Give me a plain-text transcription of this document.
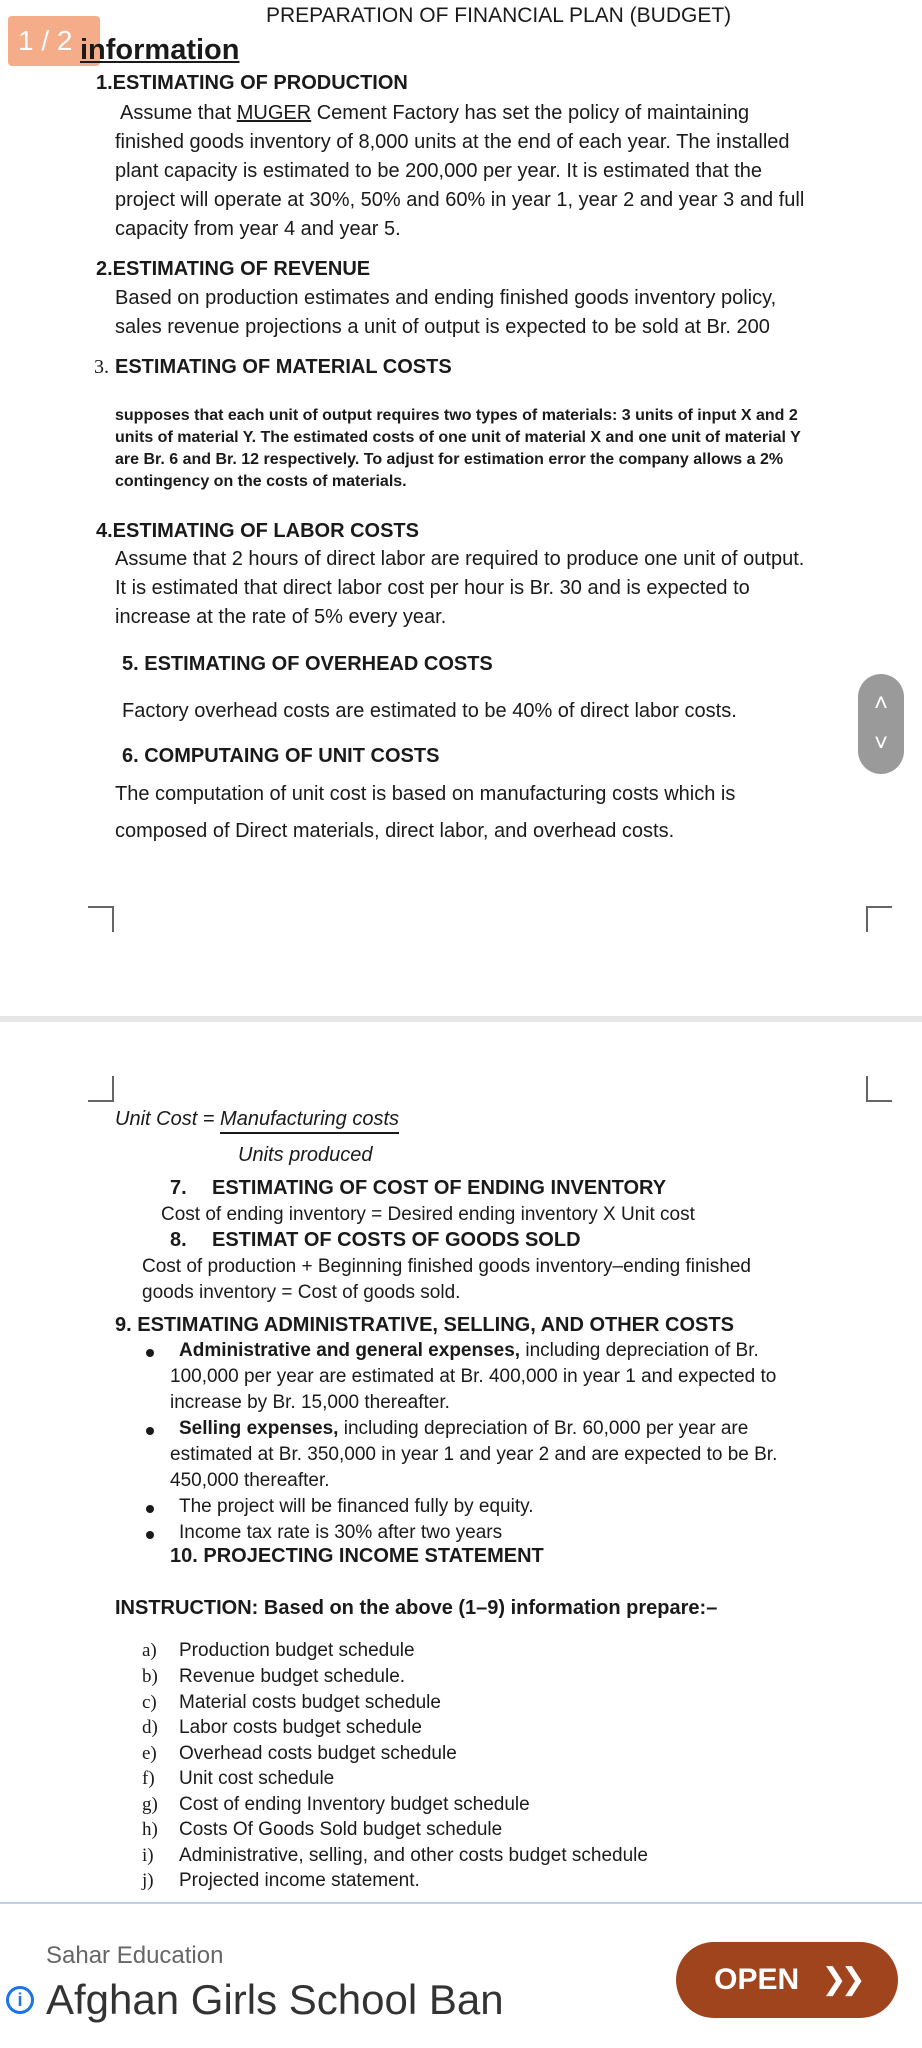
PREPARATION OF FINANCIAL PLAN (BUDGET)
1 / 2 information
1.ESTIMATING OF PRODUCTION
Assume that MUGER Cement Factory has set the policy of maintaining
finished goods inventory of 8,000 units at the end of each year. The installed
plant capacity is estimated to be 200,000 per year. It is estimated that the
project will operate at 30%, 50% and 60% in year 1, year 2 and year 3 and full
capacity from year 4 and year 5.
2.ESTIMATING OF REVENUE
Based on production estimates and ending finished goods inventory policy,
sales revenue projections a unit of output is expected to be sold at Br. 200
3. ESTIMATING OF MATERIAL COSTS
supposes that each unit of output requires two types of materials: 3 units of input X and 2
units of material Y. The estimated costs of one unit of material X and one unit of material Y
are Br. 6 and Br. 12 respectively. To adjust for estimation error the company allows a 2%
contingency on the costs of materials.
4.ESTIMATING OF LABOR COSTS
Assume that 2 hours of direct labor are required to produce one unit of output.
It is estimated that direct labor cost per hour is Br. 30 and is expected to
increase at the rate of 5% every year.
5. ESTIMATING OF OVERHEAD COSTS
Factory overhead costs are estimated to be 40% of direct labor costs.
6. COMPUTAING OF UNIT COSTS
The computation of unit cost is based on manufacturing costs which is
composed of Direct materials, direct labor, and overhead costs.
˄
˅
Unit Cost = Manufacturing costs
Units produced
7. ESTIMATING OF COST OF ENDING INVENTORY
Cost of ending inventory = Desired ending inventory X Unit cost
8. ESTIMAT OF COSTS OF GOODS SOLD
Cost of production + Beginning finished goods inventory–ending finished
goods inventory = Cost of goods sold.
9. ESTIMATING ADMINISTRATIVE, SELLING, AND OTHER COSTS
Administrative and general expenses, including depreciation of Br.
100,000 per year are estimated at Br. 400,000 in year 1 and expected to
increase by Br. 15,000 thereafter.
Selling expenses, including depreciation of Br. 60,000 per year are
estimated at Br. 350,000 in year 1 and year 2 and are expected to be Br.
450,000 thereafter.
The project will be financed fully by equity.
Income tax rate is 30% after two years
10. PROJECTING INCOME STATEMENT
INSTRUCTION: Based on the above (1–9) information prepare:–
a) Production budget schedule
b) Revenue budget schedule.
c) Material costs budget schedule
d) Labor costs budget schedule
e) Overhead costs budget schedule
f) Unit cost schedule
g) Cost of ending Inventory budget schedule
h) Costs Of Goods Sold budget schedule
i) Administrative, selling, and other costs budget schedule
j) Projected income statement.
Sahar Education
i Afghan Girls School Ban	OPEN ❯❯
